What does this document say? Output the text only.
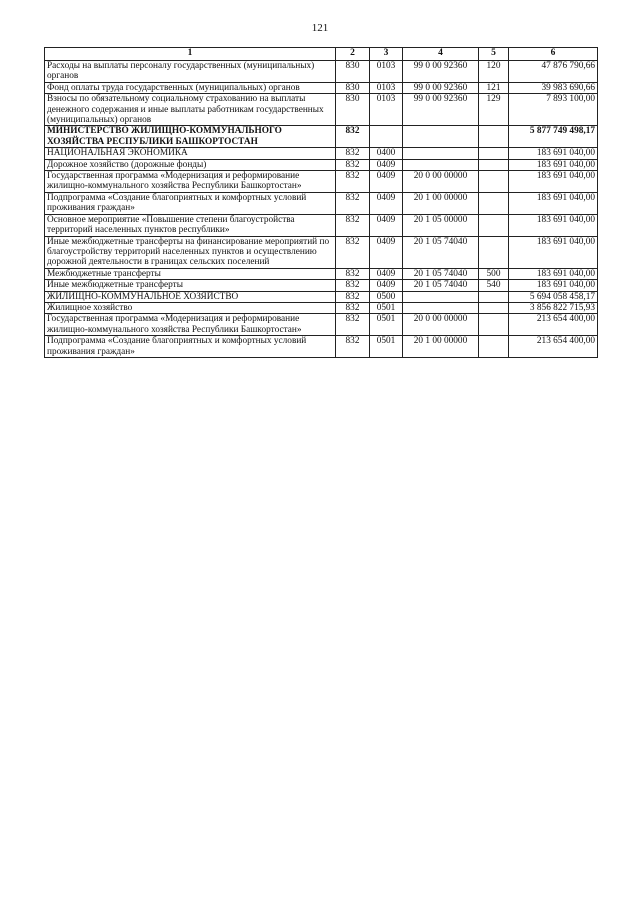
121
1	2	3	4	5	6
Расходы на выплаты персоналу государственных (муниципальных) органов	830	0103	99 0 00 92360	120	47 876 790,66
Фонд оплаты труда государственных (муниципальных) органов	830	0103	99 0 00 92360	121	39 983 690,66
Взносы по обязательному социальному страхованию на выплаты денежного содержания и иные выплаты работникам государственных (муниципальных) органов	830	0103	99 0 00 92360	129	7 893 100,00
МИНИСТЕРСТВО ЖИЛИЩНО-КОММУНАЛЬНОГО ХОЗЯЙСТВА РЕСПУБЛИКИ БАШКОРТОСТАН	832				5 877 749 498,17
НАЦИОНАЛЬНАЯ ЭКОНОМИКА	832	0400			183 691 040,00
Дорожное хозяйство (дорожные фонды)	832	0409			183 691 040,00
Государственная программа «Модернизация и реформирование жилищно-коммунального хозяйства Республики Башкортостан»	832	0409	20 0 00 00000		183 691 040,00
Подпрограмма «Создание благоприятных и комфортных условий проживания граждан»	832	0409	20 1 00 00000		183 691 040,00
Основное мероприятие «Повышение степени благоустройства территорий населенных пунктов республики»	832	0409	20 1 05 00000		183 691 040,00
Иные межбюджетные трансферты на финансирование мероприятий по благоустройству территорий населенных пунктов и осуществлению дорожной деятельности в границах сельских поселений	832	0409	20 1 05 74040		183 691 040,00
Межбюджетные трансферты	832	0409	20 1 05 74040	500	183 691 040,00
Иные межбюджетные трансферты	832	0409	20 1 05 74040	540	183 691 040,00
ЖИЛИЩНО-КОММУНАЛЬНОЕ ХОЗЯЙСТВО	832	0500			5 694 058 458,17
Жилищное хозяйство	832	0501			3 856 822 715,93
Государственная программа «Модернизация и реформирование жилищно-коммунального хозяйства Республики Башкортостан»	832	0501	20 0 00 00000		213 654 400,00
Подпрограмма «Создание благоприятных и комфортных условий проживания граждан»	832	0501	20 1 00 00000		213 654 400,00
